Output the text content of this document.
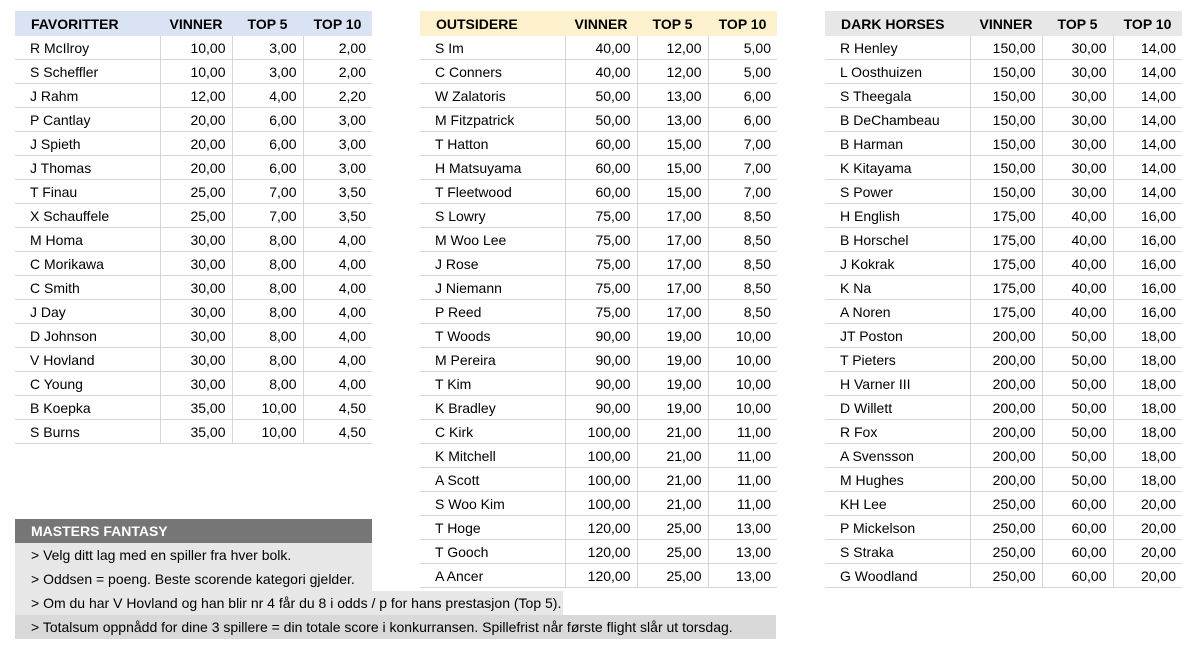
FAVORITTER	VINNER	TOP 5	TOP 10
R McIlroy	10,00	3,00	2,00
S Scheffler	10,00	3,00	2,00
J Rahm	12,00	4,00	2,20
P Cantlay	20,00	6,00	3,00
J Spieth	20,00	6,00	3,00
J Thomas	20,00	6,00	3,00
T Finau	25,00	7,00	3,50
X Schauffele	25,00	7,00	3,50
M Homa	30,00	8,00	4,00
C Morikawa	30,00	8,00	4,00
C Smith	30,00	8,00	4,00
J Day	30,00	8,00	4,00
D Johnson	30,00	8,00	4,00
V Hovland	30,00	8,00	4,00
C Young	30,00	8,00	4,00
B Koepka	35,00	10,00	4,50
S Burns	35,00	10,00	4,50
OUTSIDERE	VINNER	TOP 5	TOP 10
S Im	40,00	12,00	5,00
C Conners	40,00	12,00	5,00
W Zalatoris	50,00	13,00	6,00
M Fitzpatrick	50,00	13,00	6,00
T Hatton	60,00	15,00	7,00
H Matsuyama	60,00	15,00	7,00
T Fleetwood	60,00	15,00	7,00
S Lowry	75,00	17,00	8,50
M Woo Lee	75,00	17,00	8,50
J Rose	75,00	17,00	8,50
J Niemann	75,00	17,00	8,50
P Reed	75,00	17,00	8,50
T Woods	90,00	19,00	10,00
M Pereira	90,00	19,00	10,00
T Kim	90,00	19,00	10,00
K Bradley	90,00	19,00	10,00
C Kirk	100,00	21,00	11,00
K Mitchell	100,00	21,00	11,00
A Scott	100,00	21,00	11,00
S Woo Kim	100,00	21,00	11,00
T Hoge	120,00	25,00	13,00
T Gooch	120,00	25,00	13,00
A Ancer	120,00	25,00	13,00
DARK HORSES	VINNER	TOP 5	TOP 10
R Henley	150,00	30,00	14,00
L Oosthuizen	150,00	30,00	14,00
S Theegala	150,00	30,00	14,00
B DeChambeau	150,00	30,00	14,00
B Harman	150,00	30,00	14,00
K Kitayama	150,00	30,00	14,00
S Power	150,00	30,00	14,00
H English	175,00	40,00	16,00
B Horschel	175,00	40,00	16,00
J Kokrak	175,00	40,00	16,00
K Na	175,00	40,00	16,00
A Noren	175,00	40,00	16,00
JT Poston	200,00	50,00	18,00
T Pieters	200,00	50,00	18,00
H Varner III	200,00	50,00	18,00
D Willett	200,00	50,00	18,00
R Fox	200,00	50,00	18,00
A Svensson	200,00	50,00	18,00
M Hughes	200,00	50,00	18,00
KH Lee	250,00	60,00	20,00
P Mickelson	250,00	60,00	20,00
S Straka	250,00	60,00	20,00
G Woodland	250,00	60,00	20,00
MASTERS FANTASY
> Velg ditt lag med en spiller fra hver bolk.
> Oddsen = poeng. Beste scorende kategori gjelder.
> Om du har V Hovland og han blir nr 4 får du 8 i odds / p for hans prestasjon (Top 5).
> Totalsum oppnådd for dine 3 spillere = din totale score i konkurransen. Spillefrist når første flight slår ut torsdag.
